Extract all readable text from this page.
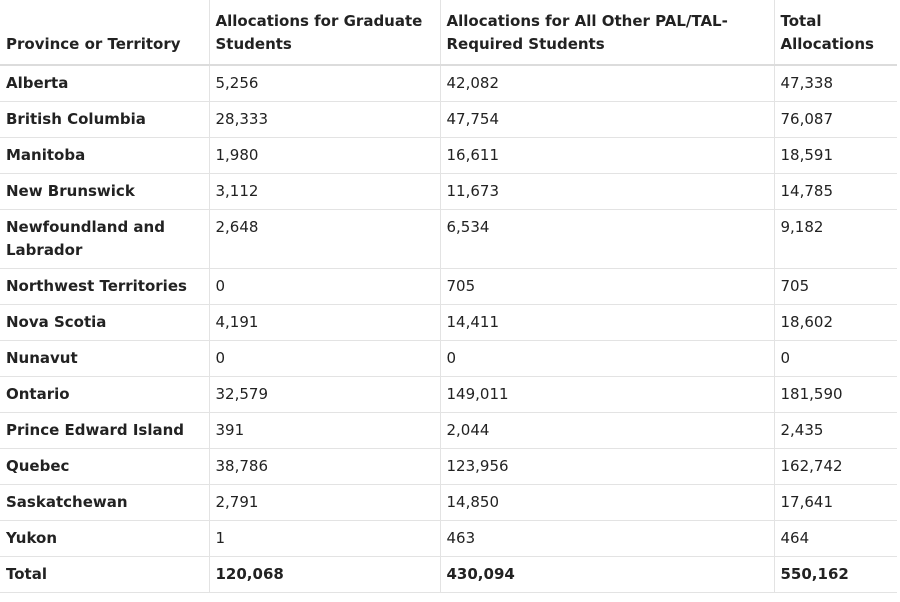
Province or Territory	Allocations for Graduate Students	Allocations for All Other PAL/TAL-Required Students	Total Allocations
Alberta	5,256	42,082	47,338
British Columbia	28,333	47,754	76,087
Manitoba	1,980	16,611	18,591
New Brunswick	3,112	11,673	14,785
Newfoundland and Labrador	2,648	6,534	9,182
Northwest Territories	0	705	705
Nova Scotia	4,191	14,411	18,602
Nunavut	0	0	0
Ontario	32,579	149,011	181,590
Prince Edward Island	391	2,044	2,435
Quebec	38,786	123,956	162,742
Saskatchewan	2,791	14,850	17,641
Yukon	1	463	464
Total	120,068	430,094	550,162
